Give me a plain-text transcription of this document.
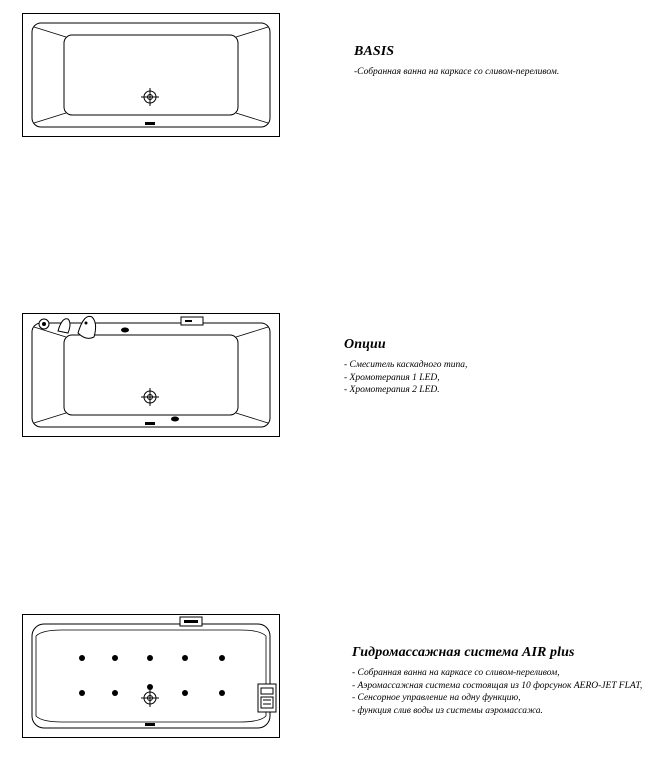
BASIS
-Собранная ванна на каркасе со сливом-переливом.
Опции
- Смеситель каскадного типа,
- Хромотерапия 1 LED,
- Хромотерапия 2 LED.
Гидромассажная система AIR plus
- Собранная ванна на каркасе со сливом-переливом,
- Аэромассажная система состоящая из 10 форсунок AERO-JET FLAT,
- Сенсорное управление на одну функцию,
- функция слив воды из системы аэромассажа.
